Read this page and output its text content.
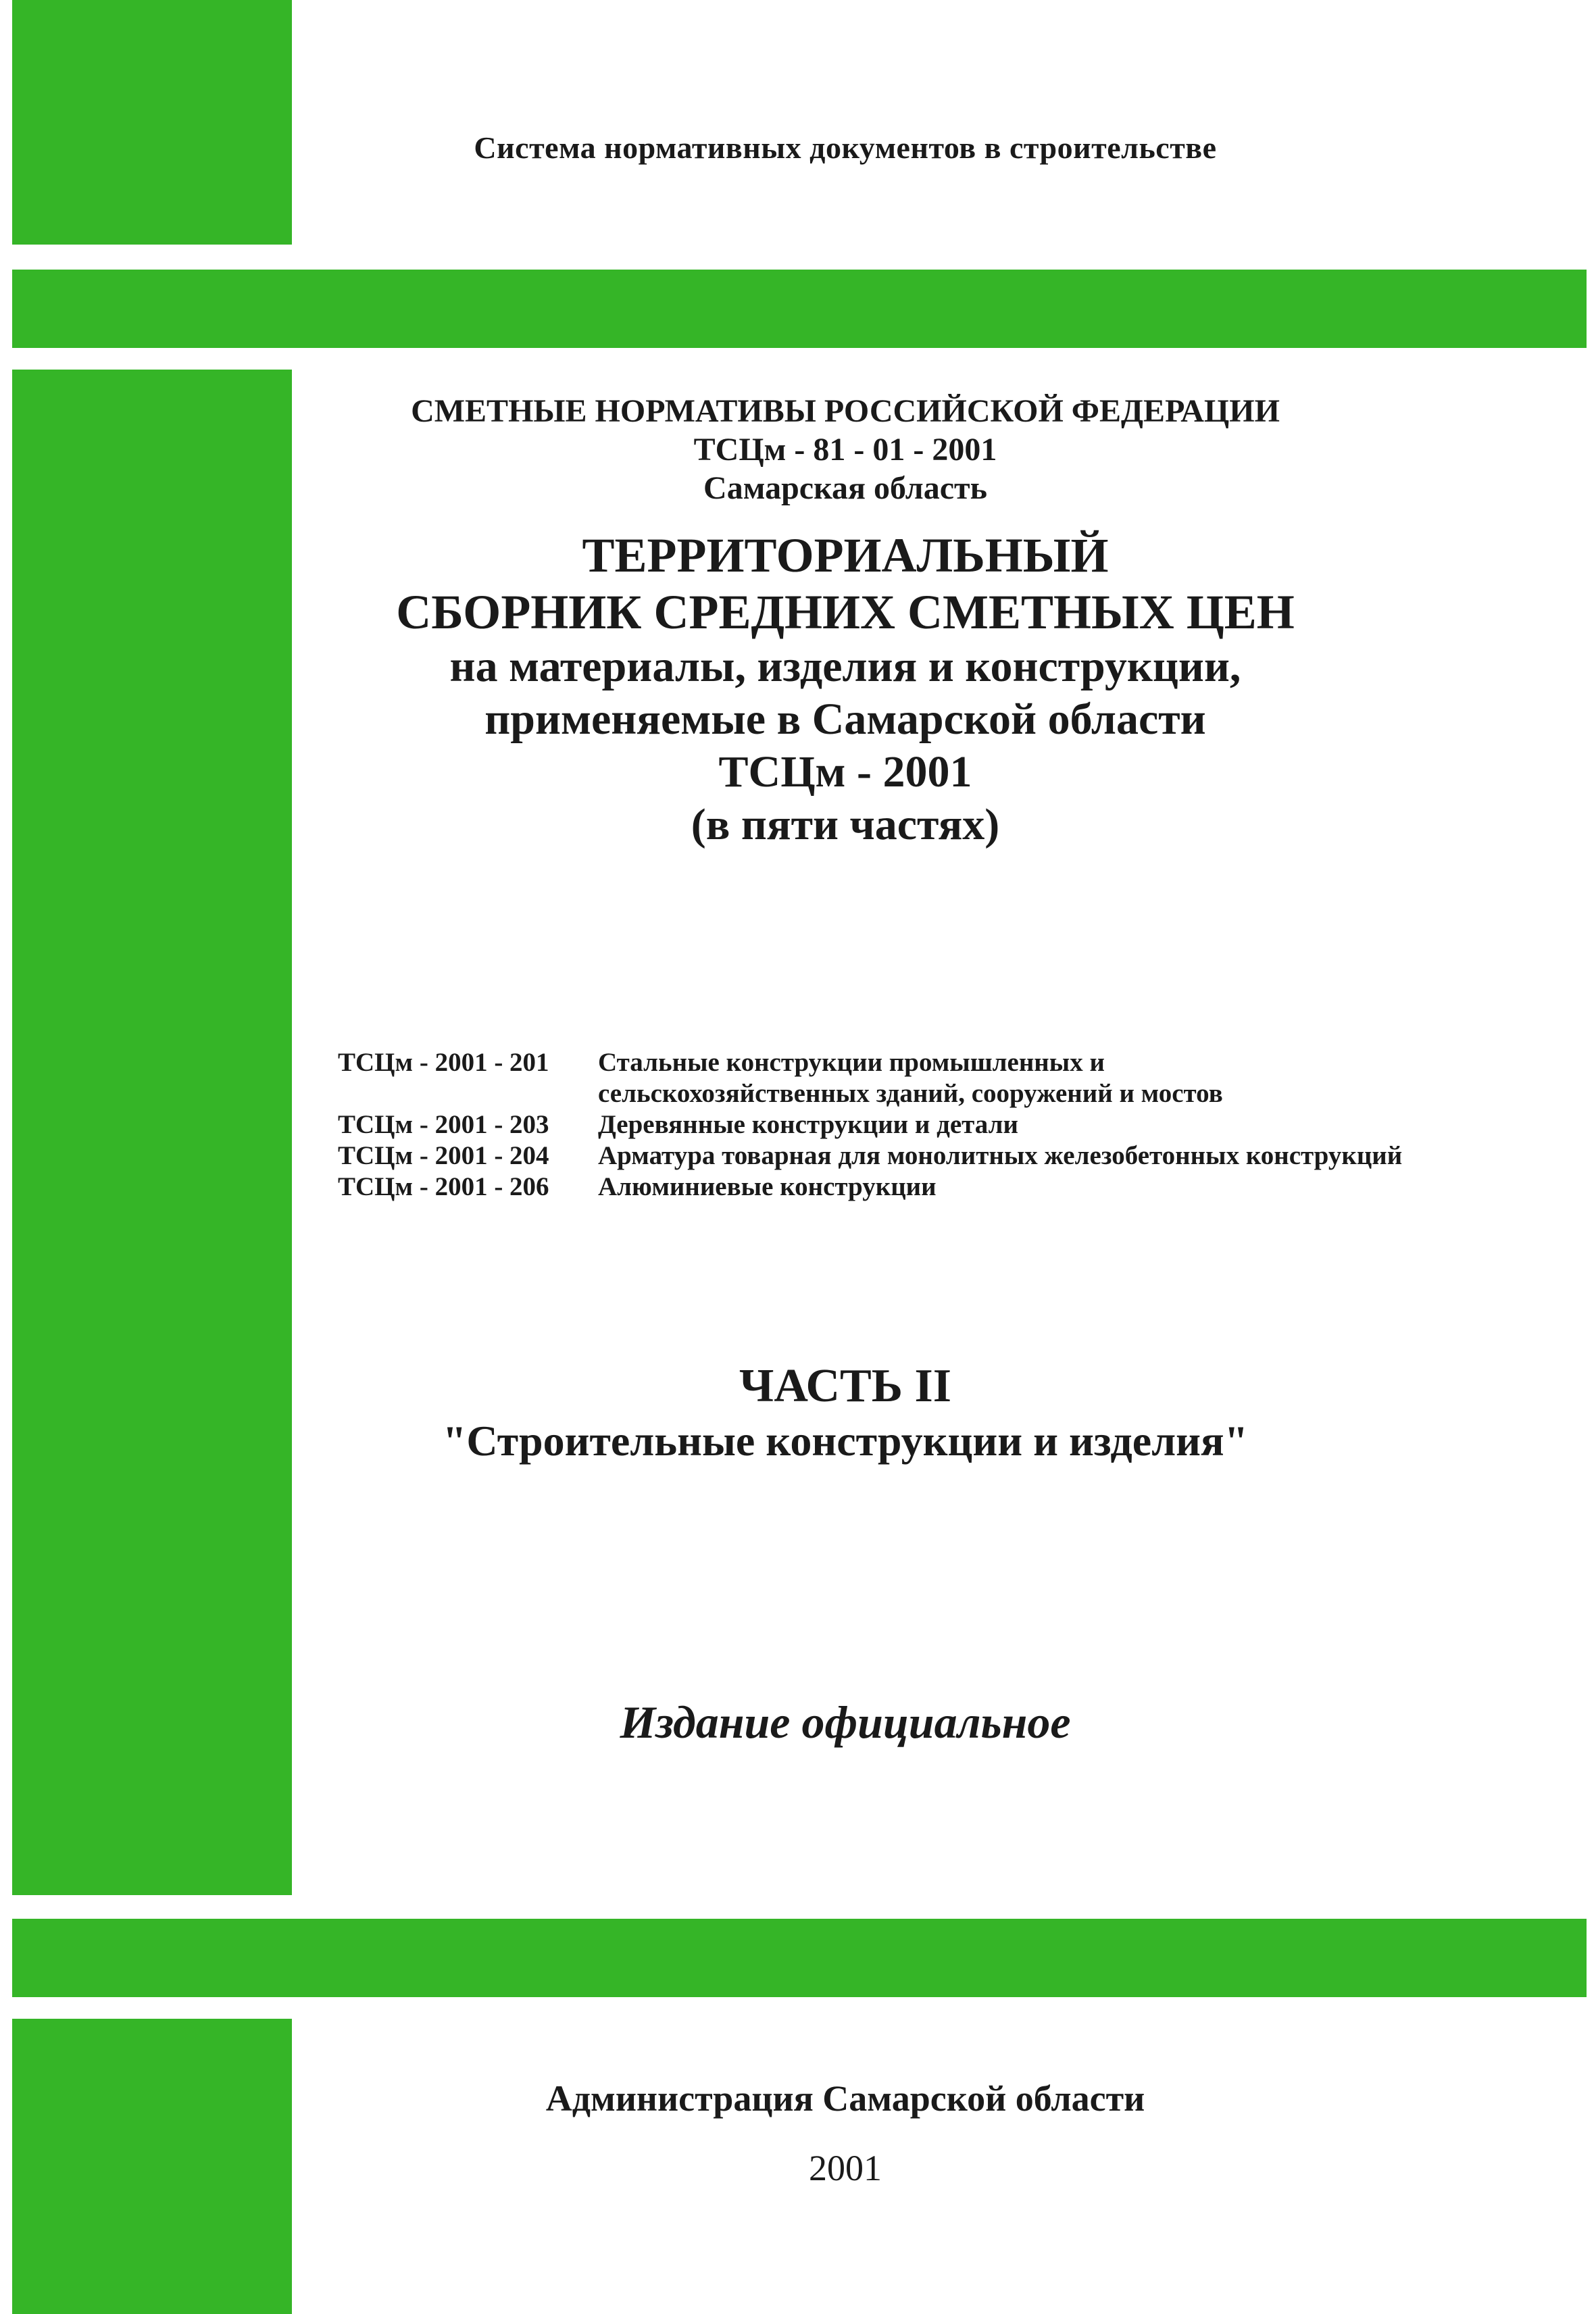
Система нормативных документов в строительстве
СМЕТНЫЕ НОРМАТИВЫ РОССИЙСКОЙ ФЕДЕРАЦИИ
ТСЦм - 81 - 01 - 2001
Самарская область
ТЕРРИТОРИАЛЬНЫЙ
СБОРНИК СРЕДНИХ СМЕТНЫХ ЦЕН
на материалы, изделия и конструкции,
применяемые в Самарской области
ТСЦм - 2001
(в пяти частях)
ТСЦм - 2001 - 201	Стальные конструкции промышленных и
	сельскохозяйственных зданий, сооружений и мостов
ТСЦм - 2001 - 203	Деревянные конструкции и детали
ТСЦм - 2001 - 204	Арматура товарная для монолитных железобетонных конструкций
ТСЦм - 2001 - 206	Алюминиевые конструкции
ЧАСТЬ II
"Строительные конструкции и изделия"
Издание официальное
Администрация Самарской области
2001
